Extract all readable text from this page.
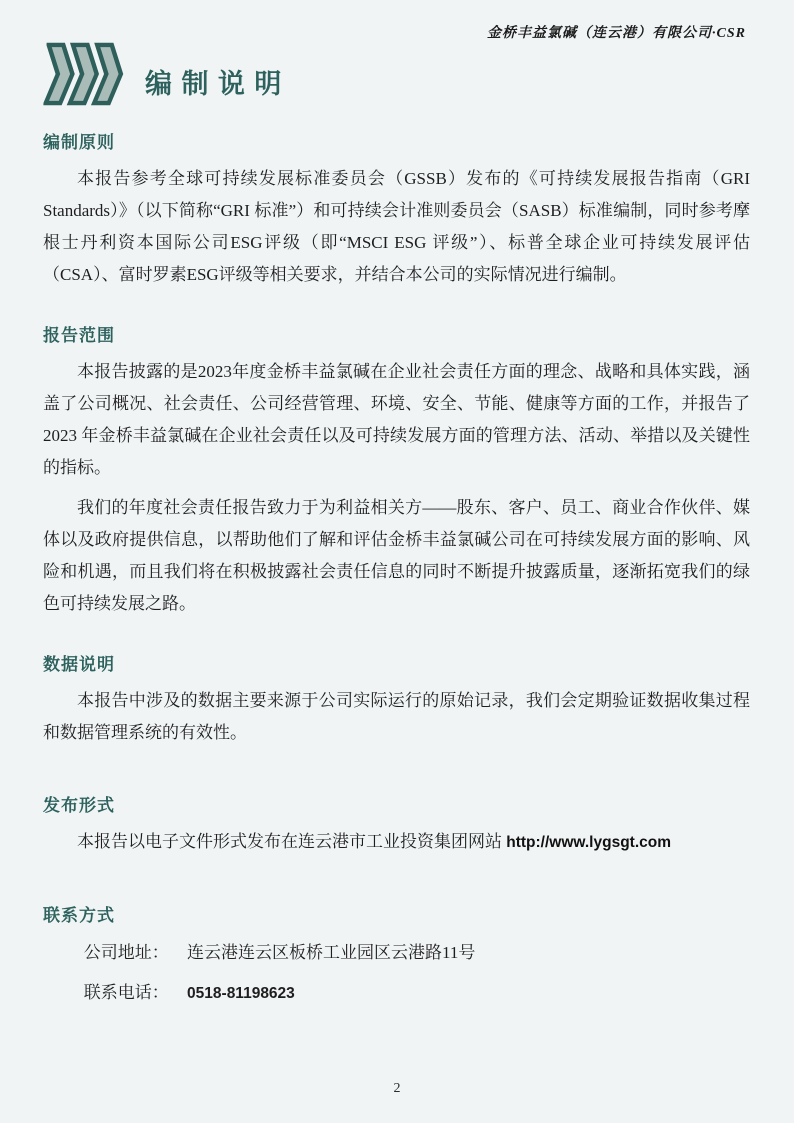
金桥丰益氯碱（连云港）有限公司·CSR
编制说明
编制原则

本报告参考全球可持续发展标准委员会（GSSB）发布的《可持续发展报告指南（GRI Standards）》（以下简称“GRI 标准”）和可持续会计准则委员会（SASB）标准编制，同时参考摩根士丹利资本国际公司ESG评级（即“MSCI ESG 评级”）、标普全球企业可持续发展评估（CSA）、富时罗素ESG评级等相关要求，并结合本公司的实际情况进行编制。

报告范围

本报告披露的是2023年度金桥丰益氯碱在企业社会责任方面的理念、战略和具体实践，涵盖了公司概况、社会责任、公司经营管理、环境、安全、节能、健康等方面的工作，并报告了2023 年金桥丰益氯碱在企业社会责任以及可持续发展方面的管理方法、活动、举措以及关键性的指标。

我们的年度社会责任报告致力于为利益相关方——股东、客户、员工、商业合作伙伴、媒体以及政府提供信息，以帮助他们了解和评估金桥丰益氯碱公司在可持续发展方面的影响、风险和机遇，而且我们将在积极披露社会责任信息的同时不断提升披露质量，逐渐拓宽我们的绿色可持续发展之路。

数据说明

本报告中涉及的数据主要来源于公司实际运行的原始记录，我们会定期验证数据收集过程和数据管理系统的有效性。

发布形式

本报告以电子文件形式发布在连云港市工业投资集团网站 http://www.lygsgt.com

联系方式
公司地址： 连云港连云区板桥工业园区云港路11号
联系电话： 0518-81198623
2
